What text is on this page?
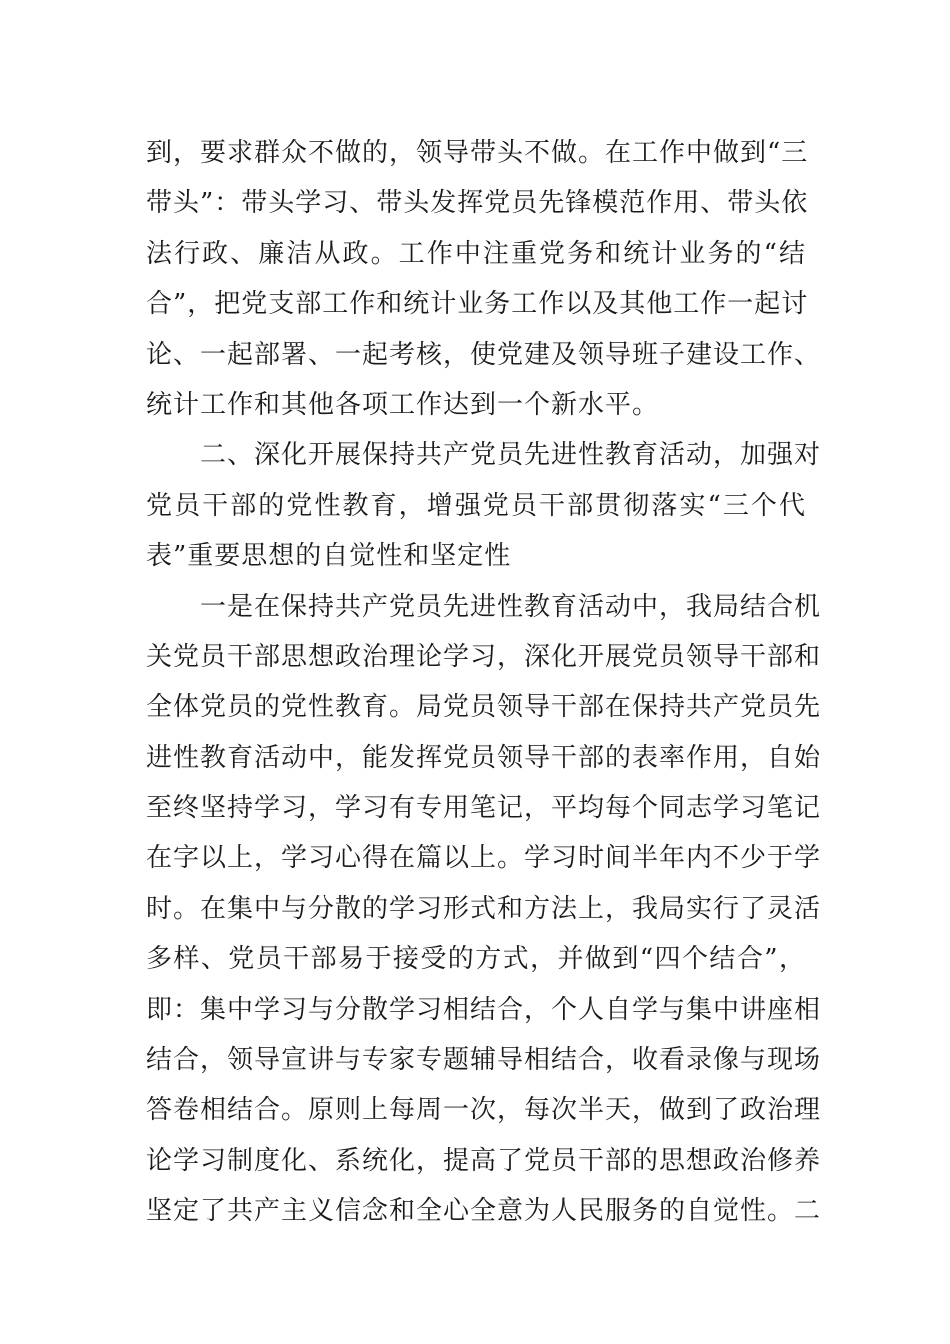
到，要求群众不做的，领导带头不做。在工作中做到“三
带头”：带头学习、带头发挥党员先锋模范作用、带头依
法行政、廉洁从政。工作中注重党务和统计业务的“结
合”，把党支部工作和统计业务工作以及其他工作一起讨
论、一起部署、一起考核，使党建及领导班子建设工作、
统计工作和其他各项工作达到一个新水平。
　　二、深化开展保持共产党员先进性教育活动，加强对
党员干部的党性教育，增强党员干部贯彻落实“三个代
表”重要思想的自觉性和坚定性
　　一是在保持共产党员先进性教育活动中，我局结合机
关党员干部思想政治理论学习，深化开展党员领导干部和
全体党员的党性教育。局党员领导干部在保持共产党员先
进性教育活动中，能发挥党员领导干部的表率作用，自始
至终坚持学习，学习有专用笔记，平均每个同志学习笔记
在字以上，学习心得在篇以上。学习时间半年内不少于学
时。在集中与分散的学习形式和方法上，我局实行了灵活
多样、党员干部易于接受的方式，并做到“四个结合”，
即：集中学习与分散学习相结合，个人自学与集中讲座相
结合，领导宣讲与专家专题辅导相结合，收看录像与现场
答卷相结合。原则上每周一次，每次半天，做到了政治理
论学习制度化、系统化，提高了党员干部的思想政治修养
坚定了共产主义信念和全心全意为人民服务的自觉性。二
